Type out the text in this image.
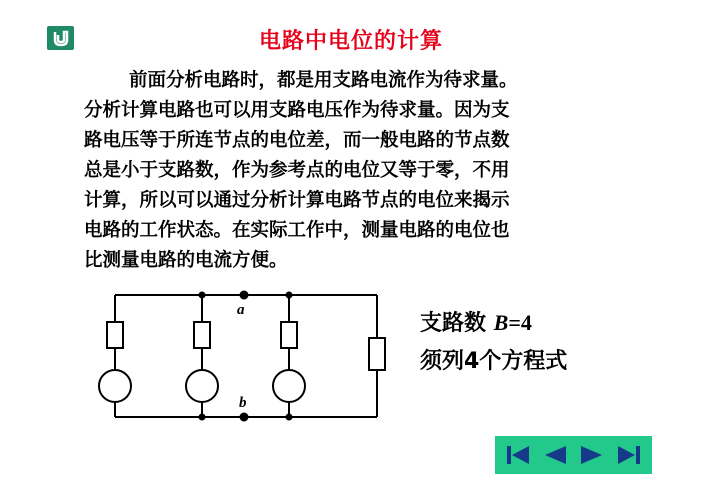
电路中电位的计算
前面分析电路时，都是用支路电流作为待求量。
分析计算电路也可以用支路电压作为待求量。因为支
路电压等于所连节点的电位差，而一般电路的节点数
总是小于支路数，作为参考点的电位又等于零，不用
计算，所以可以通过分析计算电路节点的电位来揭示
电路的工作状态。在实际工作中，测量电路的电位也
比测量电路的电流方便。
a
b
支路数 B=4
须列4个方程式
